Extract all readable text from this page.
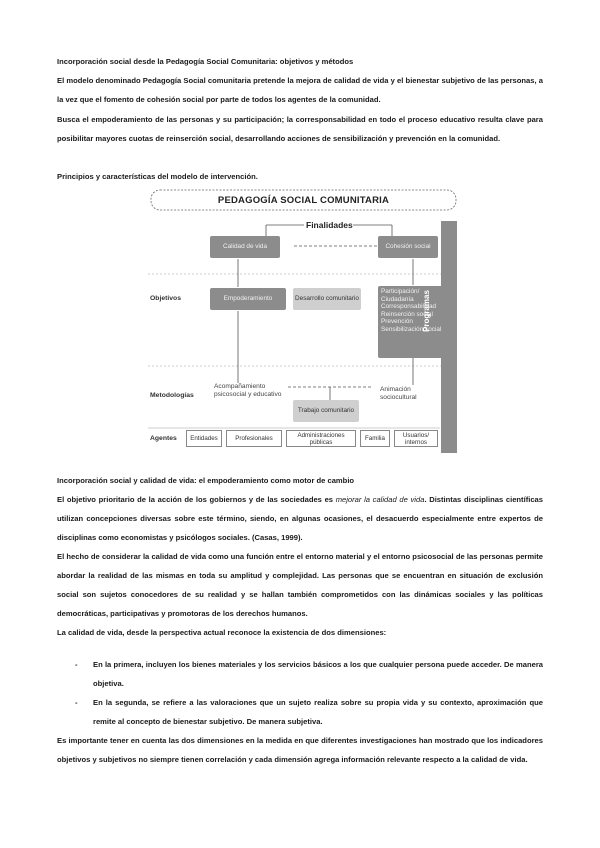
Incorporación social desde la Pedagogía Social Comunitaria: objetivos y métodos

El modelo denominado Pedagogía Social comunitaria pretende la mejora de calidad de vida y el bienestar subjetivo de las personas, a la vez que el fomento de cohesión social por parte de todos los agentes de la comunidad.

Busca el empoderamiento de las personas y su participación; la corresponsabilidad en todo el proceso educativo resulta clave para posibilitar mayores cuotas de reinserción social, desarrollando acciones de sensibilización y prevención en la comunidad.

Principios y características del modelo de intervención.

PEDAGOGÍA SOCIAL COMUNITARIA
Finalidades
Calidad de vida	Cohesión social
Objetivos	Empoderamiento	Desarrollo comunitario
Participación/ Ciudadanía
Corresponsabilidad
Reinserción social
Prevención
Sensibilización social
Metodologías
Acompañamiento psicosocial y educativo
Animación sociocultural
Trabajo comunitario
Programas
Agentes	Entidades	Profesionales	Administraciones públicas	Familia	Usuarios/ internos

Incorporación social y calidad de vida: el empoderamiento como motor de cambio

El objetivo prioritario de la acción de los gobiernos y de las sociedades es mejorar la calidad de vida. Distintas disciplinas científicas utilizan concepciones diversas sobre este término, siendo, en algunas ocasiones, el desacuerdo especialmente entre expertos de disciplinas como economistas y psicólogos sociales. (Casas, 1999).

El hecho de considerar la calidad de vida como una función entre el entorno material y el entorno psicosocial de las personas permite abordar la realidad de las mismas en toda su amplitud y complejidad. Las personas que se encuentran en situación de exclusión social son sujetos conocedores de su realidad y se hallan también comprometidos con las dinámicas sociales y las políticas democráticas, participativas y promotoras de los derechos humanos.

La calidad de vida, desde la perspectiva actual reconoce la existencia de dos dimensiones:

- En la primera, incluyen los bienes materiales y los servicios básicos a los que cualquier persona puede acceder. De manera objetiva.
- En la segunda, se refiere a las valoraciones que un sujeto realiza sobre su propia vida y su contexto, aproximación que remite al concepto de bienestar subjetivo. De manera subjetiva.

Es importante tener en cuenta las dos dimensiones en la medida en que diferentes investigaciones han mostrado que los indicadores objetivos y subjetivos no siempre tienen correlación y cada dimensión agrega información relevante respecto a la calidad de vida.
